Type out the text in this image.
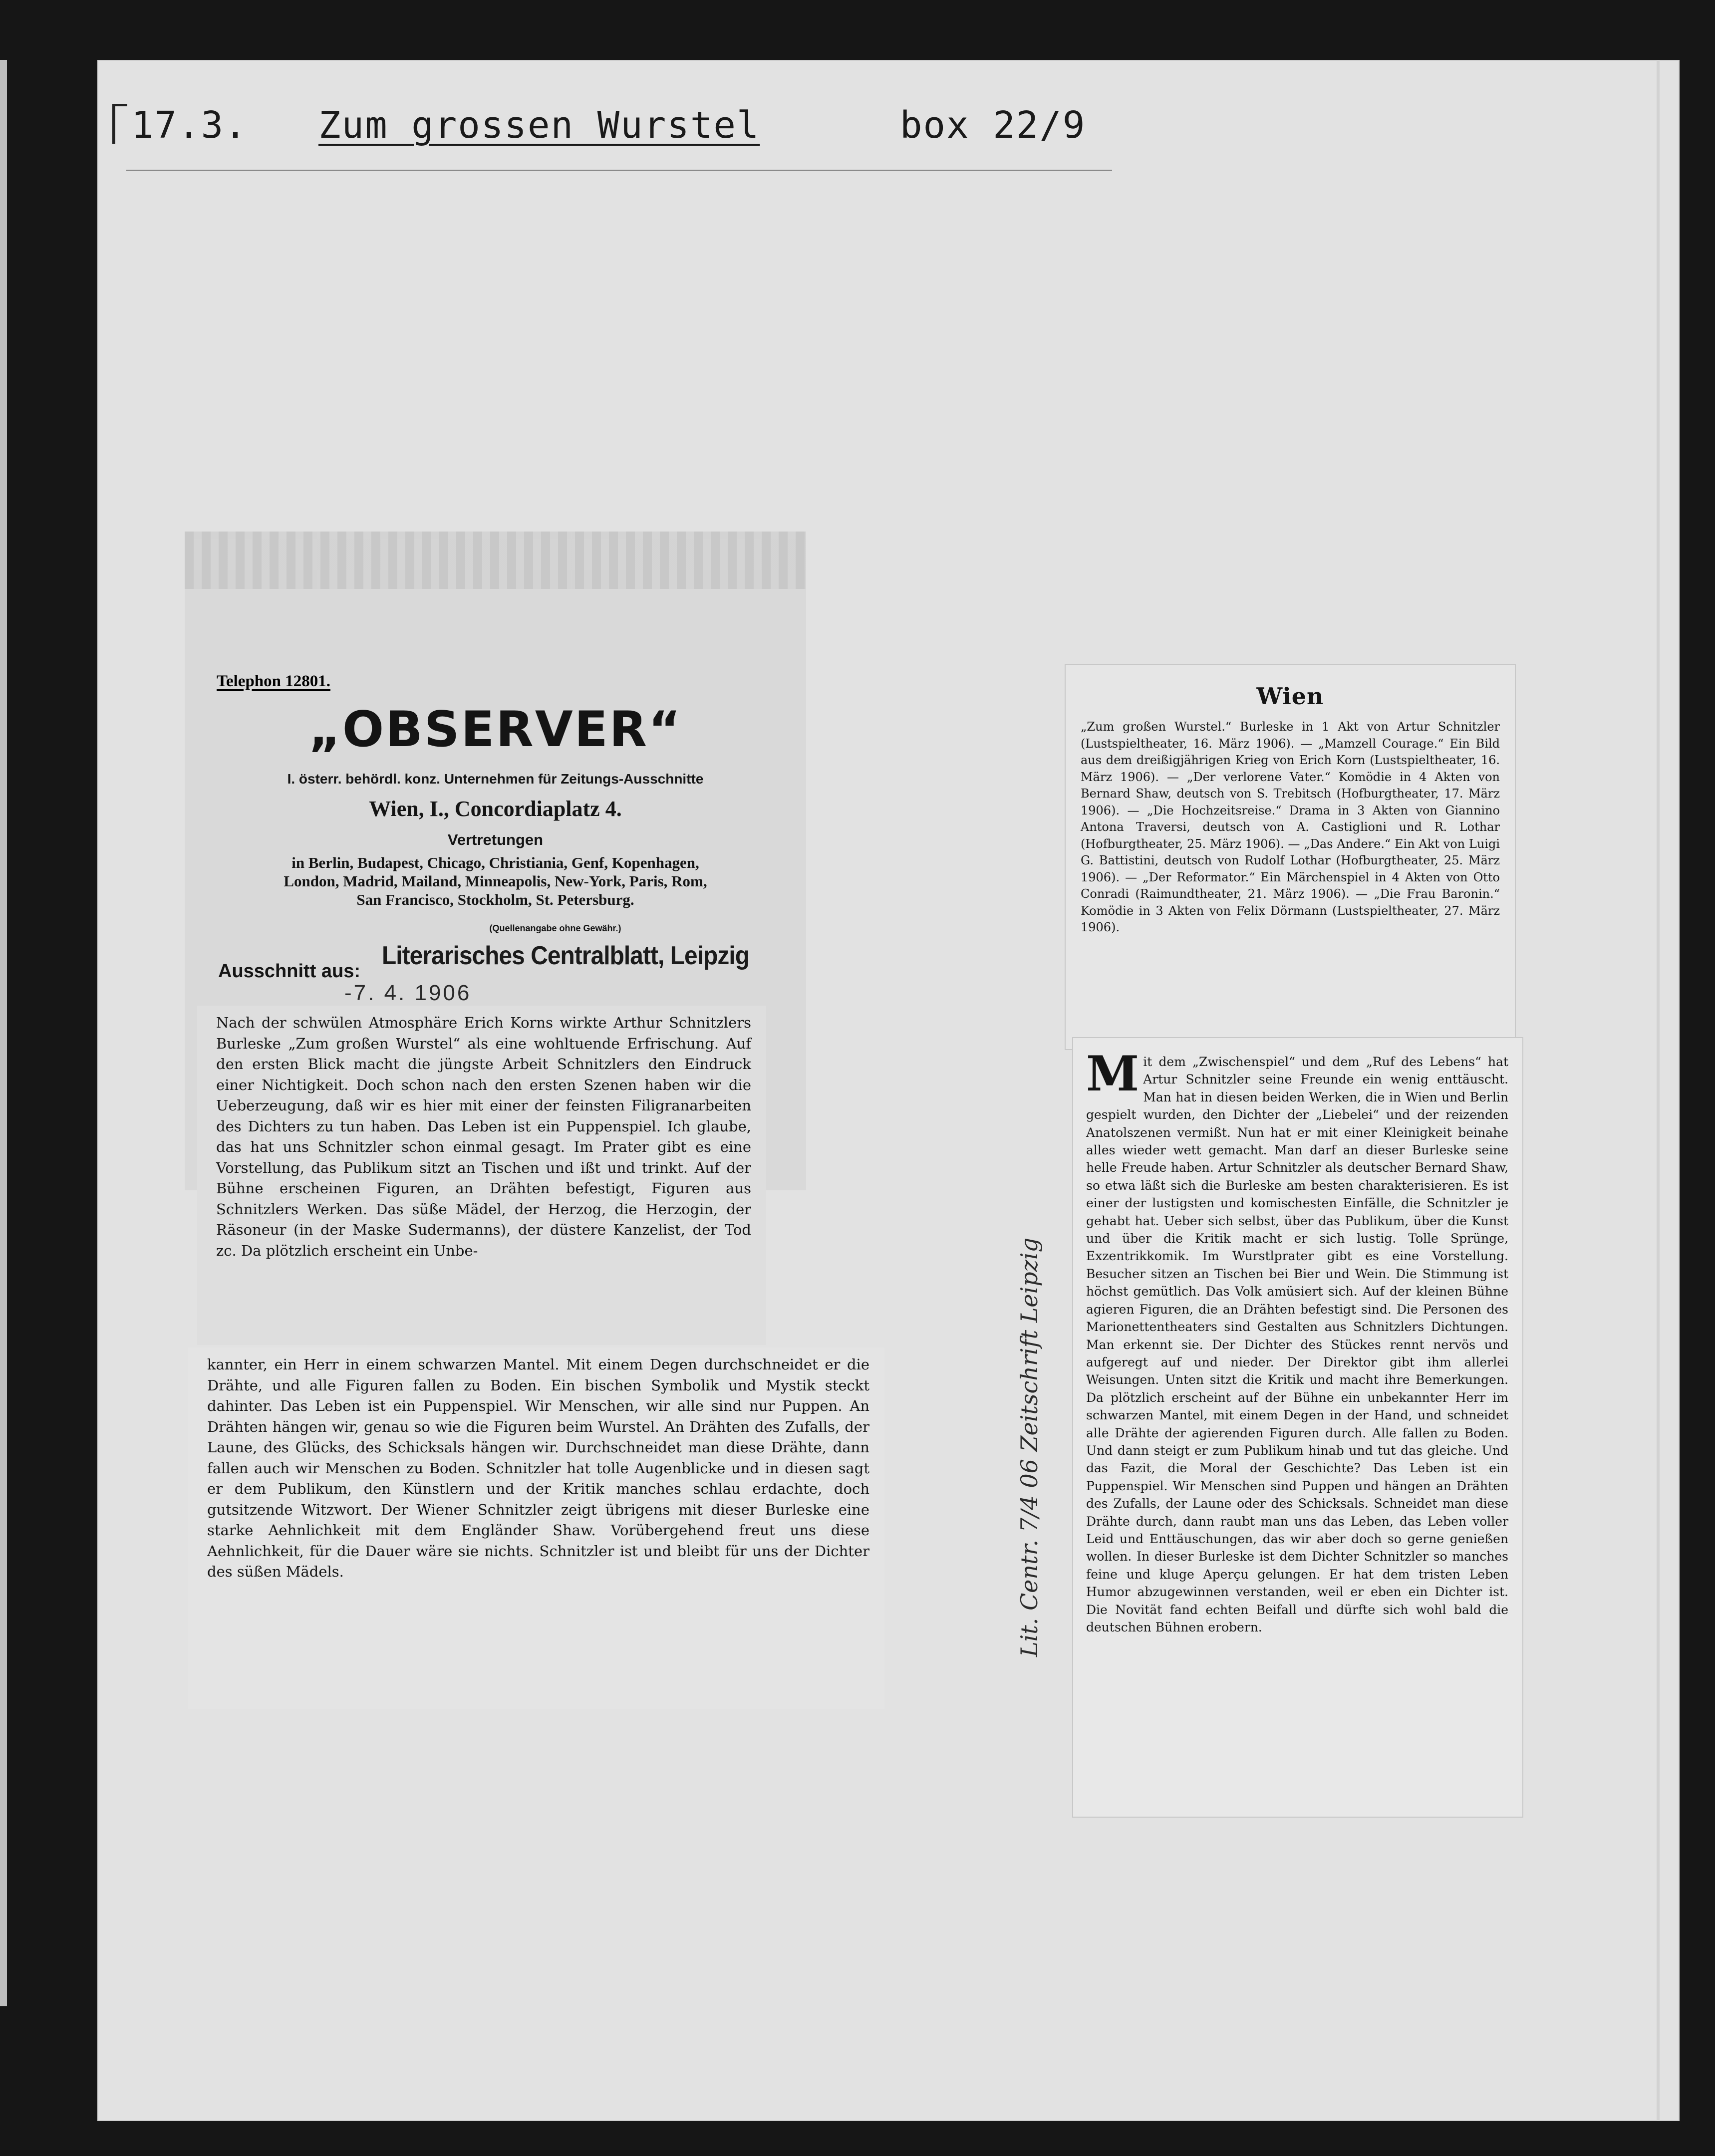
17.3. Zum grossen Wurstel	box 22/9
Telephon 12801.
„OBSERVER“
I. österr. behördl. konz. Unternehmen für Zeitungs-Ausschnitte
Wien, I., Concordiaplatz 4.
Vertretungen
in Berlin, Budapest, Chicago, Christiania, Genf, Kopenhagen,
London, Madrid, Mailand, Minneapolis, New-York, Paris, Rom,
San Francisco, Stockholm, St. Petersburg.
(Quellenangabe ohne Gewähr.)
Literarisches Centralblatt, Leipzig
Ausschnitt aus:
-7. 4. 1906

Nach der schwülen Atmosphäre Erich Korns wirkte Arthur Schnitzlers Burleske „Zum großen Wurstel“ als eine wohltuende Erfrischung. Auf den ersten Blick macht die jüngste Arbeit Schnitzlers den Eindruck einer Nichtigkeit. Doch schon nach den ersten Szenen haben wir die Ueberzeugung, daß wir es hier mit einer der feinsten Filigranarbeiten des Dichters zu tun haben. Das Leben ist ein Puppenspiel. Ich glaube, das hat uns Schnitzler schon einmal gesagt. Im Prater gibt es eine Vorstellung, das Publikum sitzt an Tischen und ißt und trinkt. Auf der Bühne erscheinen Figuren, an Drähten befestigt, Figuren aus Schnitzlers Werken. Das süße Mädel, der Herzog, die Herzogin, der Räsoneur (in der Maske Sudermanns), der düstere Kanzelist, der Tod zc. Da plötzlich erscheint ein Unbe-

kannter, ein Herr in einem schwarzen Mantel. Mit einem Degen durchschneidet er die Drähte, und alle Figuren fallen zu Boden. Ein bischen Symbolik und Mystik steckt dahinter. Das Leben ist ein Puppenspiel. Wir Menschen, wir alle sind nur Puppen. An Drähten hängen wir, genau so wie die Figuren beim Wurstel. An Drähten des Zufalls, der Laune, des Glücks, des Schicksals hängen wir. Durchschneidet man diese Drähte, dann fallen auch wir Menschen zu Boden. Schnitzler hat tolle Augenblicke und in diesen sagt er dem Publikum, den Künstlern und der Kritik manches schlau erdachte, doch gutsitzende Witzwort. Der Wiener Schnitzler zeigt übrigens mit dieser Burleske eine starke Aehnlichkeit mit dem Engländer Shaw. Vorübergehend freut uns diese Aehnlichkeit, für die Dauer wäre sie nichts. Schnitzler ist und bleibt für uns der Dichter des süßen Mädels.

Wien
„Zum großen Wurstel.“ Burleske in 1 Akt von Artur Schnitzler (Lustspieltheater, 16. März 1906). — „Mamzell Courage.“ Ein Bild aus dem dreißigjährigen Krieg von Erich Korn (Lustspieltheater, 16. März 1906). — „Der verlorene Vater.“ Komödie in 4 Akten von Bernard Shaw, deutsch von S. Trebitsch (Hofburgtheater, 17. März 1906). — „Die Hochzeitsreise.“ Drama in 3 Akten von Giannino Antona Traversi, deutsch von A. Castiglioni und R. Lothar (Hofburgtheater, 25. März 1906). — „Das Andere.“ Ein Akt von Luigi G. Battistini, deutsch von Rudolf Lothar (Hofburgtheater, 25. März 1906). — „Der Reformator.“ Ein Märchenspiel in 4 Akten von Otto Conradi (Raimundtheater, 21. März 1906). — „Die Frau Baronin.“ Komödie in 3 Akten von Felix Dörmann (Lustspieltheater, 27. März 1906).
M it dem „Zwischenspiel“ und dem „Ruf des Lebens“ hat Artur Schnitzler seine Freunde ein wenig enttäuscht. Man hat in diesen beiden Werken, die in Wien und Berlin gespielt wurden, den Dichter der „Liebelei“ und der reizenden Anatolszenen vermißt. Nun hat er mit einer Kleinigkeit beinahe alles wieder wett gemacht. Man darf an dieser Burleske seine helle Freude haben. Artur Schnitzler als deutscher Bernard Shaw, so etwa läßt sich die Burleske am besten charakterisieren. Es ist einer der lustigsten und komischesten Einfälle, die Schnitzler je gehabt hat. Ueber sich selbst, über das Publikum, über die Kunst und über die Kritik macht er sich lustig. Tolle Sprünge, Exzentrikkomik. Im Wurstlprater gibt es eine Vorstellung. Besucher sitzen an Tischen bei Bier und Wein. Die Stimmung ist höchst gemütlich. Das Volk amüsiert sich. Auf der kleinen Bühne agieren Figuren, die an Drähten befestigt sind. Die Personen des Marionettentheaters sind Gestalten aus Schnitzlers Dichtungen. Man erkennt sie. Der Dichter des Stückes rennt nervös und aufgeregt auf und nieder. Der Direktor gibt ihm allerlei Weisungen. Unten sitzt die Kritik und macht ihre Bemerkungen. Da plötzlich erscheint auf der Bühne ein unbekannter Herr im schwarzen Mantel, mit einem Degen in der Hand, und schneidet alle Drähte der agierenden Figuren durch. Alle fallen zu Boden. Und dann steigt er zum Publikum hinab und tut das gleiche. Und das Fazit, die Moral der Geschichte? Das Leben ist ein Puppenspiel. Wir Menschen sind Puppen und hängen an Drähten des Zufalls, der Laune oder des Schicksals. Schneidet man diese Drähte durch, dann raubt man uns das Leben, das Leben voller Leid und Enttäuschungen, das wir aber doch so gerne genießen wollen. In dieser Burleske ist dem Dichter Schnitzler so manches feine und kluge Aperçu gelungen. Er hat dem tristen Leben Humor abzugewinnen verstanden, weil er eben ein Dichter ist. Die Novität fand echten Beifall und dürfte sich wohl bald die deutschen Bühnen erobern.
Lit. Centr. 7/4 06 Zeitschrift Leipzig
